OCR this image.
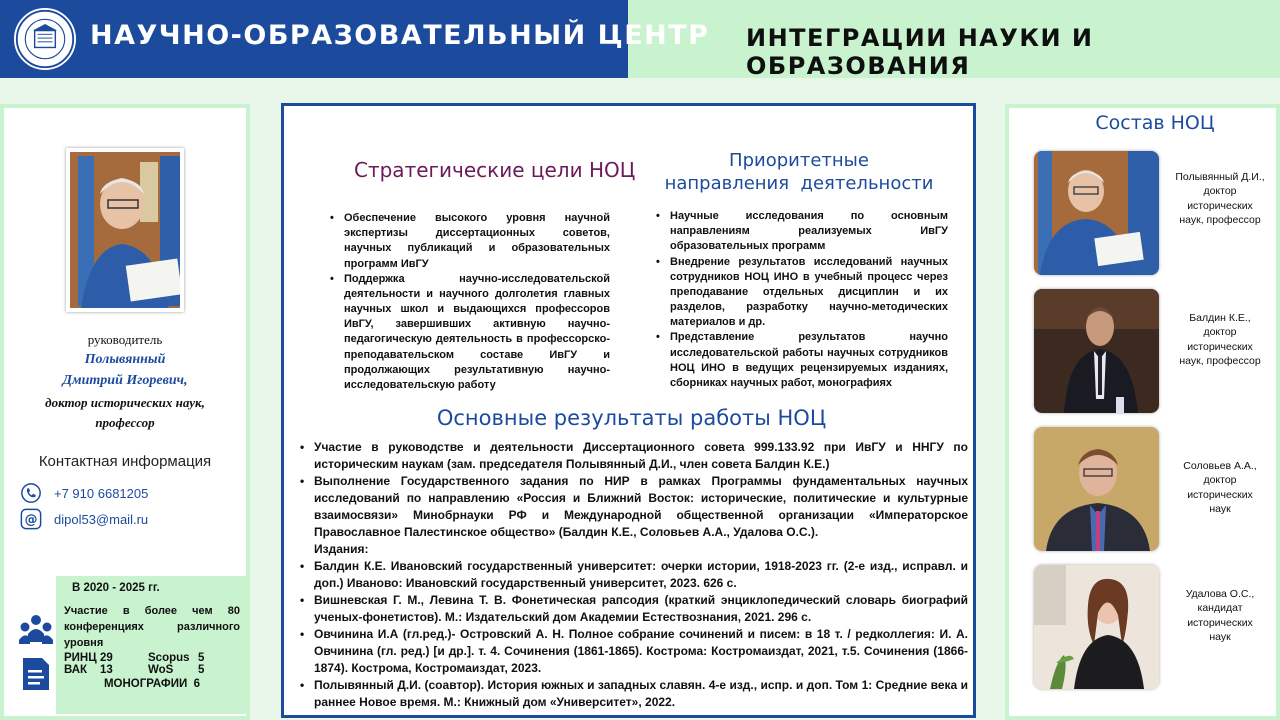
НАУЧНО-ОБРАЗОВАТЕЛЬНЫЙ ЦЕНТР ИНТЕГРАЦИИ НАУКИ И ОБРАЗОВАНИЯ
руководитель
Полывянный
Дмитрий Игоревич,
доктор исторических наук,
профессор
Контактная информация
+7 910 6681205
@ dipol53@mail.ru
В 2020 - 2025 гг.
Участие в более чем 80 конференциях различного уровня
РИНЦ 29	Scopus 5
ВАК	13	WoS	5
МОНОГРАФИИ  6
Стратегические цели НОЦ	Приоритетные
направления  деятельности
• Обеспечение высокого уровня научной экспертизы диссертационных советов, научных публикаций и образовательных программ ИвГУ
• Поддержка научно-исследовательской деятельности и научного долголетия главных научных школ и выдающихся профессоров ИвГУ, завершивших активную научно-педагогическую деятельность в профессорско-преподавательском составе ИвГУ и продолжающих результативную научно-исследовательскую работу
• Научные исследования по основным направлениям реализуемых ИвГУ образовательных программ
• Внедрение результатов исследований научных сотрудников НОЦ ИНО в учебный процесс через преподавание отдельных дисциплин и их разделов, разработку научно-методических материалов и др.
• Представление результатов научно исследовательской работы научных сотрудников НОЦ ИНО в ведущих рецензируемых изданиях, сборниках научных работ, монографиях
Основные результаты работы НОЦ
• Участие в руководстве и деятельности Диссертационного совета 999.133.92 при ИвГУ и ННГУ по историческим наукам (зам. председателя Полывянный Д.И., член совета Балдин К.Е.)
• Выполнение Государственного задания по НИР в рамках Программы фундаментальных научных исследований по направлению «Россия и Ближний Восток: исторические, политические и культурные взаимосвязи» Минобрнауки РФ и Международной общественной организации «Императорское Православное Палестинское общество» (Балдин К.Е., Соловьев А.А., Удалова О.С.).
Издания:
• Балдин К.Е. Ивановский государственный университет: очерки истории, 1918-2023 гг. (2-е изд., исправл. и доп.) Иваново: Ивановский государственный университет, 2023. 626 с.
• Вишневская Г. М., Левина Т. В. Фонетическая рапсодия (краткий энциклопедический словарь биографий ученых-фонетистов). М.: Издательский дом Академии Естествознания, 2021. 296 с.
• Овчинина И.А (гл.ред.)- Островский А. Н. Полное собрание сочинений и писем: в 18 т. / редколлегия: И. А. Овчинина (гл. ред.) [и др.]. т. 4. Сочинения (1861-1865). Кострома: Костромаиздат, 2021, т.5. Сочинения (1866-1874). Кострома, Костромаиздат, 2023.
• Полывянный Д.И. (соавтор). История южных и западных славян. 4-е изд., испр. и доп. Том 1: Средние века и раннее Новое время. М.: Книжный дом «Университет», 2022.
Состав НОЦ
Полывянный Д.И.,
доктор
исторических
наук, профессор
Балдин К.Е.,
доктор
исторических
наук, профессор
Соловьев А.А.,
доктор
исторических
наук
Удалова О.С.,
кандидат
исторических
наук
